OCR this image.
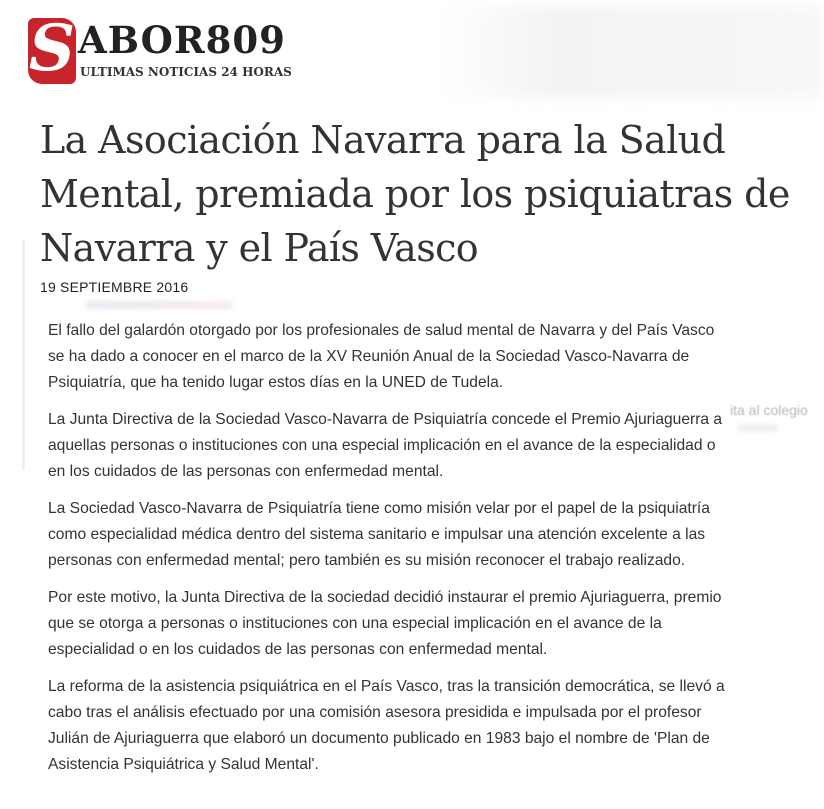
ita al colegio
S ABOR809
ULTIMAS NOTICIAS 24 HORAS
La Asociación Navarra para la Salud Mental, premiada por los psiquiatras de Navarra y el País Vasco
19 SEPTIEMBRE 2016

El fallo del galardón otorgado por los profesionales de salud mental de Navarra y del País Vasco se ha dado a conocer en el marco de la XV Reunión Anual de la Sociedad Vasco-Navarra de Psiquiatría, que ha tenido lugar estos días en la UNED de Tudela.

La Junta Directiva de la Sociedad Vasco-Navarra de Psiquiatría concede el Premio Ajuriaguerra a aquellas personas o instituciones con una especial implicación en el avance de la especialidad o en los cuidados de las personas con enfermedad mental.

La Sociedad Vasco-Navarra de Psiquiatría tiene como misión velar por el papel de la psiquiatría como especialidad médica dentro del sistema sanitario e impulsar una atención excelente a las personas con enfermedad mental; pero también es su misión reconocer el trabajo realizado.

Por este motivo, la Junta Directiva de la sociedad decidió instaurar el premio Ajuriaguerra, premio que se otorga a personas o instituciones con una especial implicación en el avance de la especialidad o en los cuidados de las personas con enfermedad mental.

La reforma de la asistencia psiquiátrica en el País Vasco, tras la transición democrática, se llevó a cabo tras el análisis efectuado por una comisión asesora presidida e impulsada por el profesor Julián de Ajuriaguerra que elaboró un documento publicado en 1983 bajo el nombre de 'Plan de Asistencia Psiquiátrica y Salud Mental'.
